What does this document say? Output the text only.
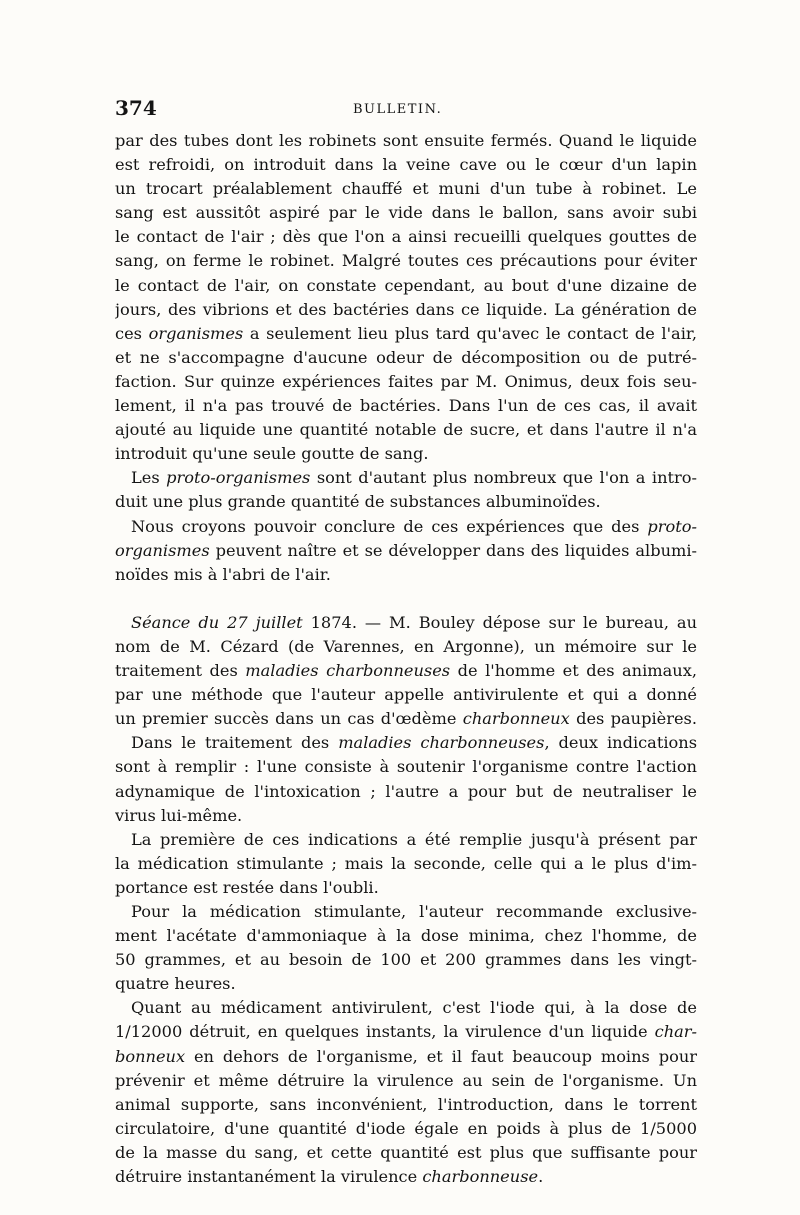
374	BULLETIN.
par des tubes dont les robinets sont ensuite fermés. Quand le liquide
est refroidi, on introduit dans la veine cave ou le cœur d'un lapin
un trocart préalablement chauffé et muni d'un tube à robinet. Le
sang est aussitôt aspiré par le vide dans le ballon, sans avoir subi
le contact de l'air ; dès que l'on a ainsi recueilli quelques gouttes de
sang, on ferme le robinet. Malgré toutes ces précautions pour éviter
le contact de l'air, on constate cependant, au bout d'une dizaine de
jours, des vibrions et des bactéries dans ce liquide. La génération de
ces organismes a seulement lieu plus tard qu'avec le contact de l'air,
et ne s'accompagne d'aucune odeur de décomposition ou de putré-
faction. Sur quinze expériences faites par M. Onimus, deux fois seu-
lement, il n'a pas trouvé de bactéries. Dans l'un de ces cas, il avait
ajouté au liquide une quantité notable de sucre, et dans l'autre il n'a
introduit qu'une seule goutte de sang.
Les proto-organismes sont d'autant plus nombreux que l'on a intro-
duit une plus grande quantité de substances albuminoïdes.
Nous croyons pouvoir conclure de ces expériences que des proto-
organismes peuvent naître et se développer dans des liquides albumi-
noïdes mis à l'abri de l'air.
Séance du 27 juillet 1874. — M. Bouley dépose sur le bureau, au
nom de M. Cézard (de Varennes, en Argonne), un mémoire sur le
traitement des maladies charbonneuses de l'homme et des animaux,
par une méthode que l'auteur appelle antivirulente et qui a donné
un premier succès dans un cas d'œdème charbonneux des paupières.
Dans le traitement des maladies charbonneuses, deux indications
sont à remplir : l'une consiste à soutenir l'organisme contre l'action
adynamique de l'intoxication ; l'autre a pour but de neutraliser le
virus lui-même.
La première de ces indications a été remplie jusqu'à présent par
la médication stimulante ; mais la seconde, celle qui a le plus d'im-
portance est restée dans l'oubli.
Pour la médication stimulante, l'auteur recommande exclusive-
ment l'acétate d'ammoniaque à la dose minima, chez l'homme, de
50 grammes, et au besoin de 100 et 200 grammes dans les vingt-
quatre heures.
Quant au médicament antivirulent, c'est l'iode qui, à la dose de
1/12000 détruit, en quelques instants, la virulence d'un liquide char-
bonneux en dehors de l'organisme, et il faut beaucoup moins pour
prévenir et même détruire la virulence au sein de l'organisme. Un
animal supporte, sans inconvénient, l'introduction, dans le torrent
circulatoire, d'une quantité d'iode égale en poids à plus de 1/5000
de la masse du sang, et cette quantité est plus que suffisante pour
détruire instantanément la virulence charbonneuse.
